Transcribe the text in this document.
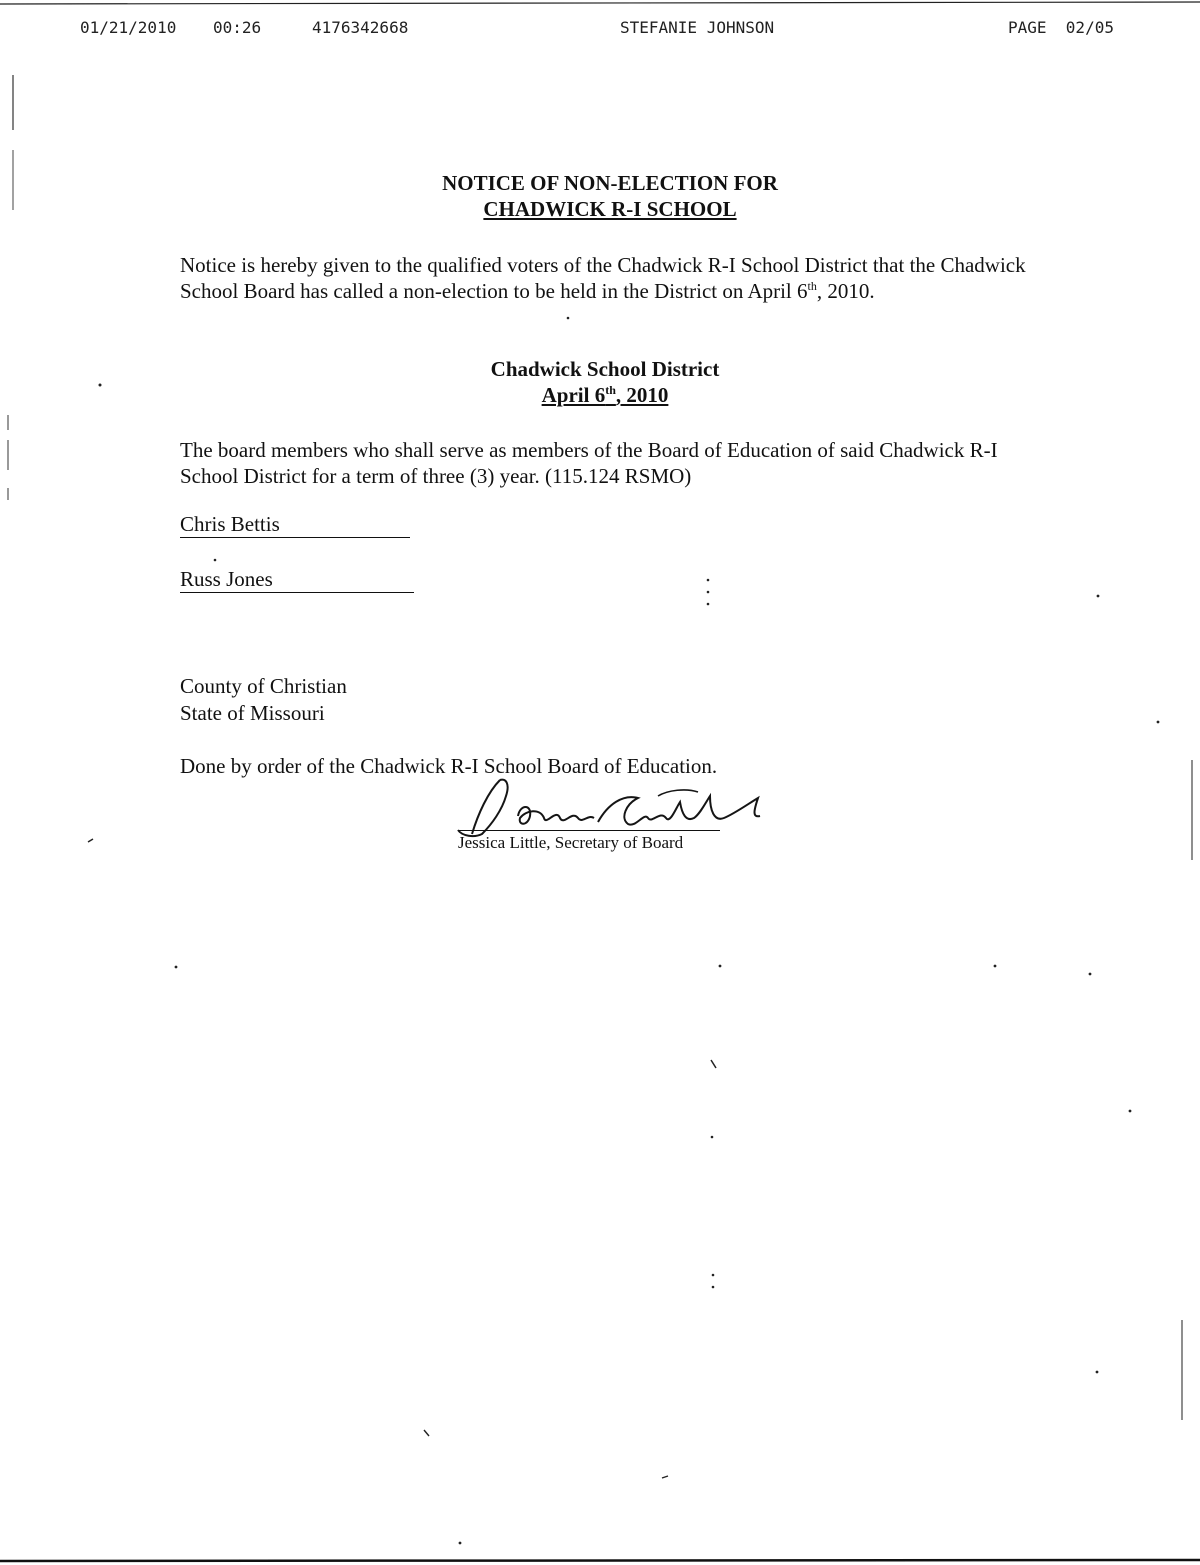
01/21/2010 00:26	4176342668	STEFANIE JOHNSON	PAGE  02/05
NOTICE OF NON-ELECTION FOR
CHADWICK R-I SCHOOL
Notice is hereby given to the qualified voters of the Chadwick R-I School District that the Chadwick School Board has called a non-election to be held in the District on April 6th, 2010.
Chadwick School District
April 6th, 2010
The board members who shall serve as members of the Board of Education of said Chadwick R-I School District for a term of three (3) year. (115.124 RSMO)
Chris Bettis
Russ Jones
County of Christian
State of Missouri
Done by order of the Chadwick R-I School Board of Education.
Jessica Little, Secretary of Board
